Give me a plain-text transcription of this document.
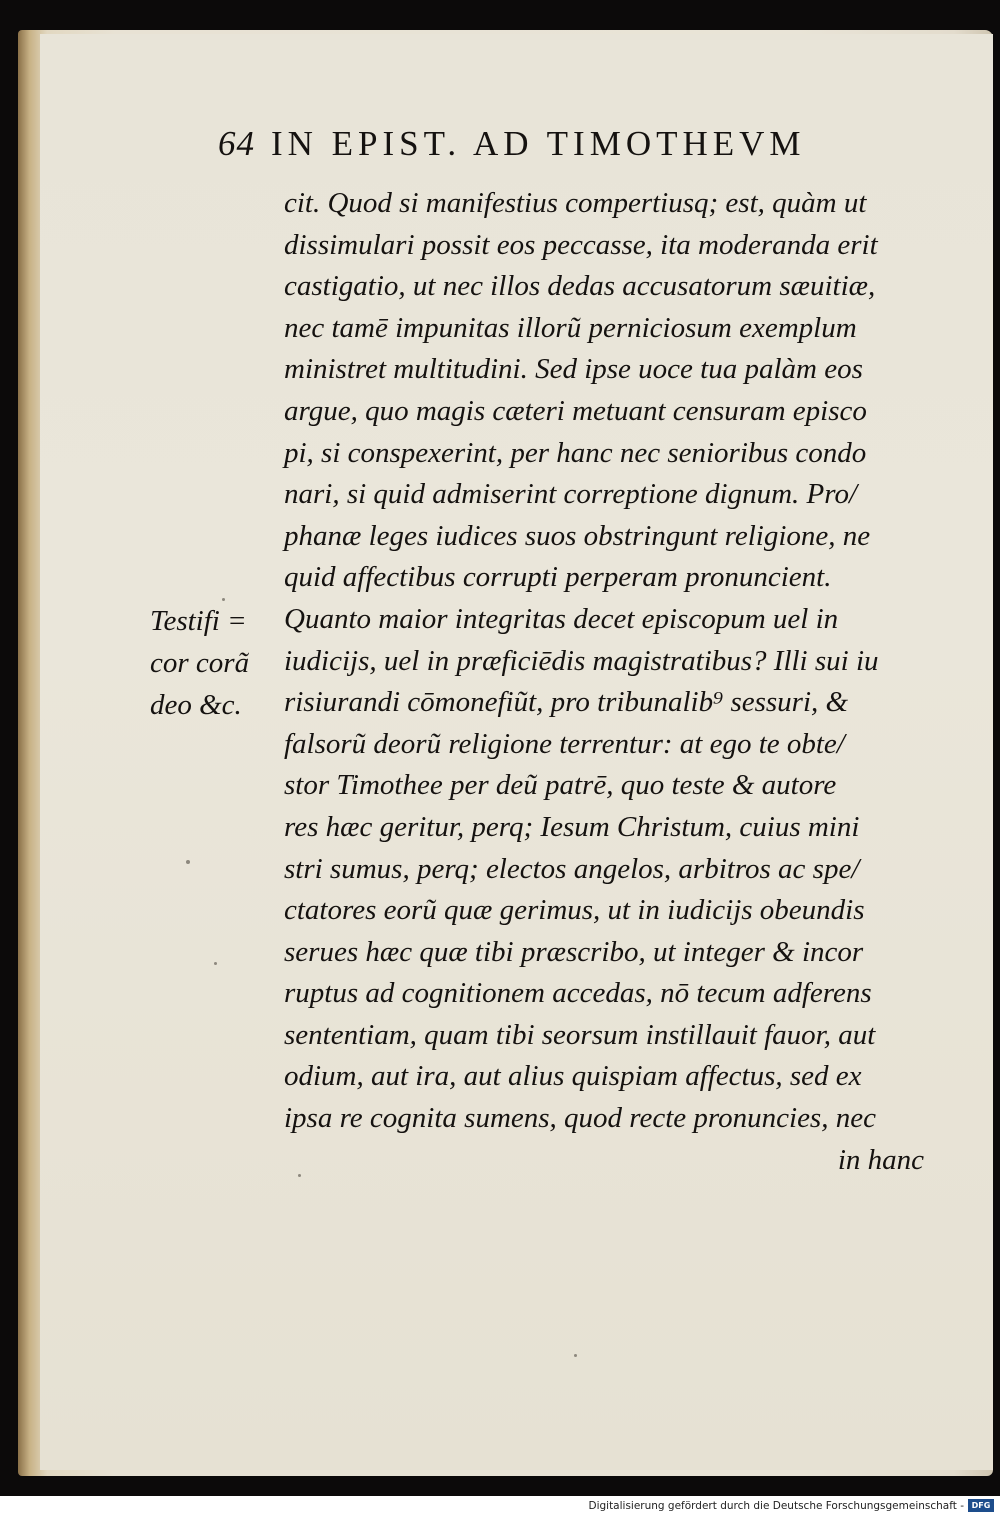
64 IN EPIST. AD TIMOTHEVM
Testifi =
cor corã
deo &c.
cit. Quod si manifestius compertiusq; est, quàm ut
dissimulari possit eos peccasse, ita moderanda erit
castigatio, ut nec illos dedas accusatorum sæuitiæ,
nec tamē impunitas illorũ perniciosum exemplum
ministret multitudini. Sed ipse uoce tua palàm eos
argue, quo magis cæteri metuant censuram episco
pi, si conspexerint, per hanc nec senioribus condo
nari, si quid admiserint correptione dignum. Pro/
phanæ leges iudices suos obstringunt religione, ne
quid affectibus corrupti perperam pronuncient.
Quanto maior integritas decet episcopum uel in
iudicijs, uel in præficiēdis magistratibus? Illi sui iu
risiurandi cōmonefiũt, pro tribunalib⁹ sessuri, &
falsorũ deorũ religione terrentur: at ego te obte/
stor Timothee per deũ patrē, quo teste & autore
res hæc geritur, perq; Iesum Christum, cuius mini
stri sumus, perq; electos angelos, arbitros ac spe/
ctatores eorũ quæ gerimus, ut in iudicijs obeundis
serues hæc quæ tibi præscribo, ut integer & incor
ruptus ad cognitionem accedas, nō tecum adferens
sententiam, quam tibi seorsum instillauit fauor, aut
odium, aut ira, aut alius quispiam affectus, sed ex
ipsa re cognita sumens, quod recte pronuncies, nec
in hanc
Digitalisierung gefördert durch die Deutsche Forschungsgemeinschaft - DFG
